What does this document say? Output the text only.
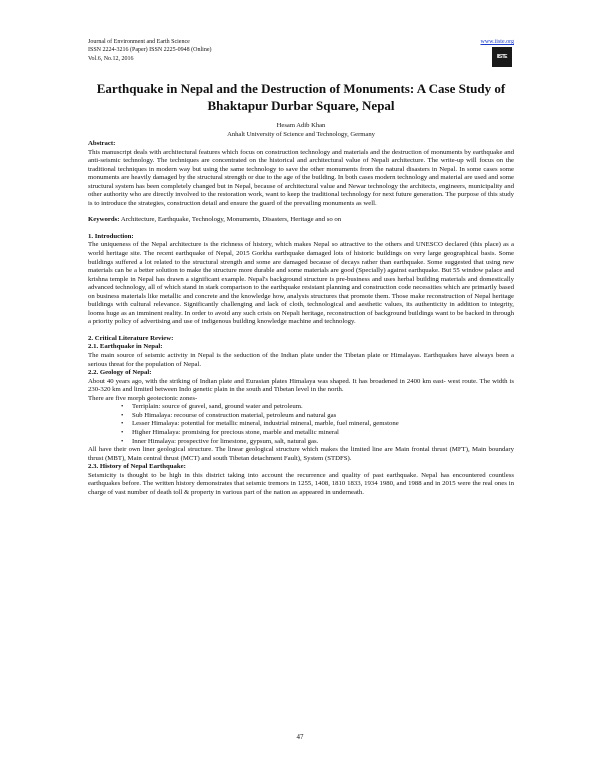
Journal of Environment and Earth Science
ISSN 2224-3216 (Paper) ISSN 2225-0948 (Online)
Vol.6, No.12, 2016
www.iiste.org
IISTE
Earthquake in Nepal and the Destruction of Monuments: A Case Study of Bhaktapur Durbar Square, Nepal
Hesam Adib Khan
Anhalt University of Science and Technology, Germany

Abstract:

This manuscript deals with architectural features which focus on construction technology and materials and the destruction of monuments by earthquake and anti-seismic technology. The techniques are concentrated on the historical and architectural value of Nepali architecture. The write-up will focus on the traditional techniques in modern way but using the same technology to save the other monuments from the natural disasters in Nepal. In some cases some monuments are heavily damaged by the structural strength or due to the age of the building. In both cases modern technology and material are used and some structural system has been completely changed but in Nepal, because of architectural value and Newar technology the architects, engineers, municipality and other authority who are directly involved to the restoration work, want to keep the traditional technology for next future generation. The purpose of this study is to introduce the strategies, construction detail and ensure the guard of the prevailing monuments as well.

Keywords: Architecture, Earthquake, Technology, Monuments, Disasters, Heritage and so on

1. Introduction:

The uniqueness of the Nepal architecture is the richness of history, which makes Nepal so attractive to the others and UNESCO declared (this place) as a world heritage site. The recent earthquake of Nepal, 2015 Gorkha earthquake damaged lots of historic buildings on very large geographical basis. Some buildings suffered a lot related to the structural strength and some are damaged because of decays rather than earthquake. Some suggested that using new materials can be a better solution to make the structure more durable and some materials are good (Specially) against earthquake. But 55 window palace and krishna temple in Nepal has drawn a significant example. Nepal's background structure is pre-business and uses herbal building materials and domestically advanced technology, all of which stand in stark comparison to the earthquake resistant planning and construction code necessities which are primarily based on business materials like metallic and concrete and the knowledge how, analysis structures that promote them. Those make reconstruction of Nepal heritage buildings with cultural relevance. Significantly challenging and lack of cloth, technological and aesthetic values, its authenticity in addition to integrity, looms huge as an imminent reality. In order to avoid any such crisis on Nepali heritage, reconstruction of background buildings want to be backed in through a priority policy of advertising and use of indigenous building knowledge machine and technology.

2. Critical Literature Review:

2.1. Earthquake in Nepal:

The main source of seismic activity in Nepal is the seduction of the Indian plate under the Tibetan plate or Himalayas. Earthquakes have always been a serious threat for the population of Nepal.

2.2. Geology of Nepal:

About 40 years ago, with the striking of Indian plate and Eurasian plates Himalaya was shaped. It has broadened in 2400 km east- west route. The width is 230-320 km and limited between Indo genetic plain in the south and Tibetan level in the north.

There are five morph geotectonic zones-

• Terriplain: source of gravel, sand, ground water and petroleum.
• Sub Himalaya: recourse of construction material, petroleum and natural gas
• Lesser Himalaya: potential for metallic mineral, industrial mineral, marble, fuel mineral, gemstone
• Higher Himalaya: promising for precious stone, marble and metallic mineral
• Inner Himalaya: prospective for limestone, gypsum, salt, natural gas.

All have their own liner geological structure. The linear geological structure which makes the limited line are Main frontal thrust (MFT), Main boundary thrust (MBT), Main central thrust (MCT) and south Tibetan detachment Fault), System (STDFS).

2.3. History of Nepal Earthquake:

Seismicity is thought to be high in this district taking into account the recurrence and quality of past earthquake. Nepal has encountered countless earthquakes before. The written history demonstrates that seismic tremors in 1255, 1408, 1810 1833, 1934 1980, and 1988 and in 2015 were the real ones in charge of vast number of death toll & property in various part of the nation as appeared in underneath.

47
